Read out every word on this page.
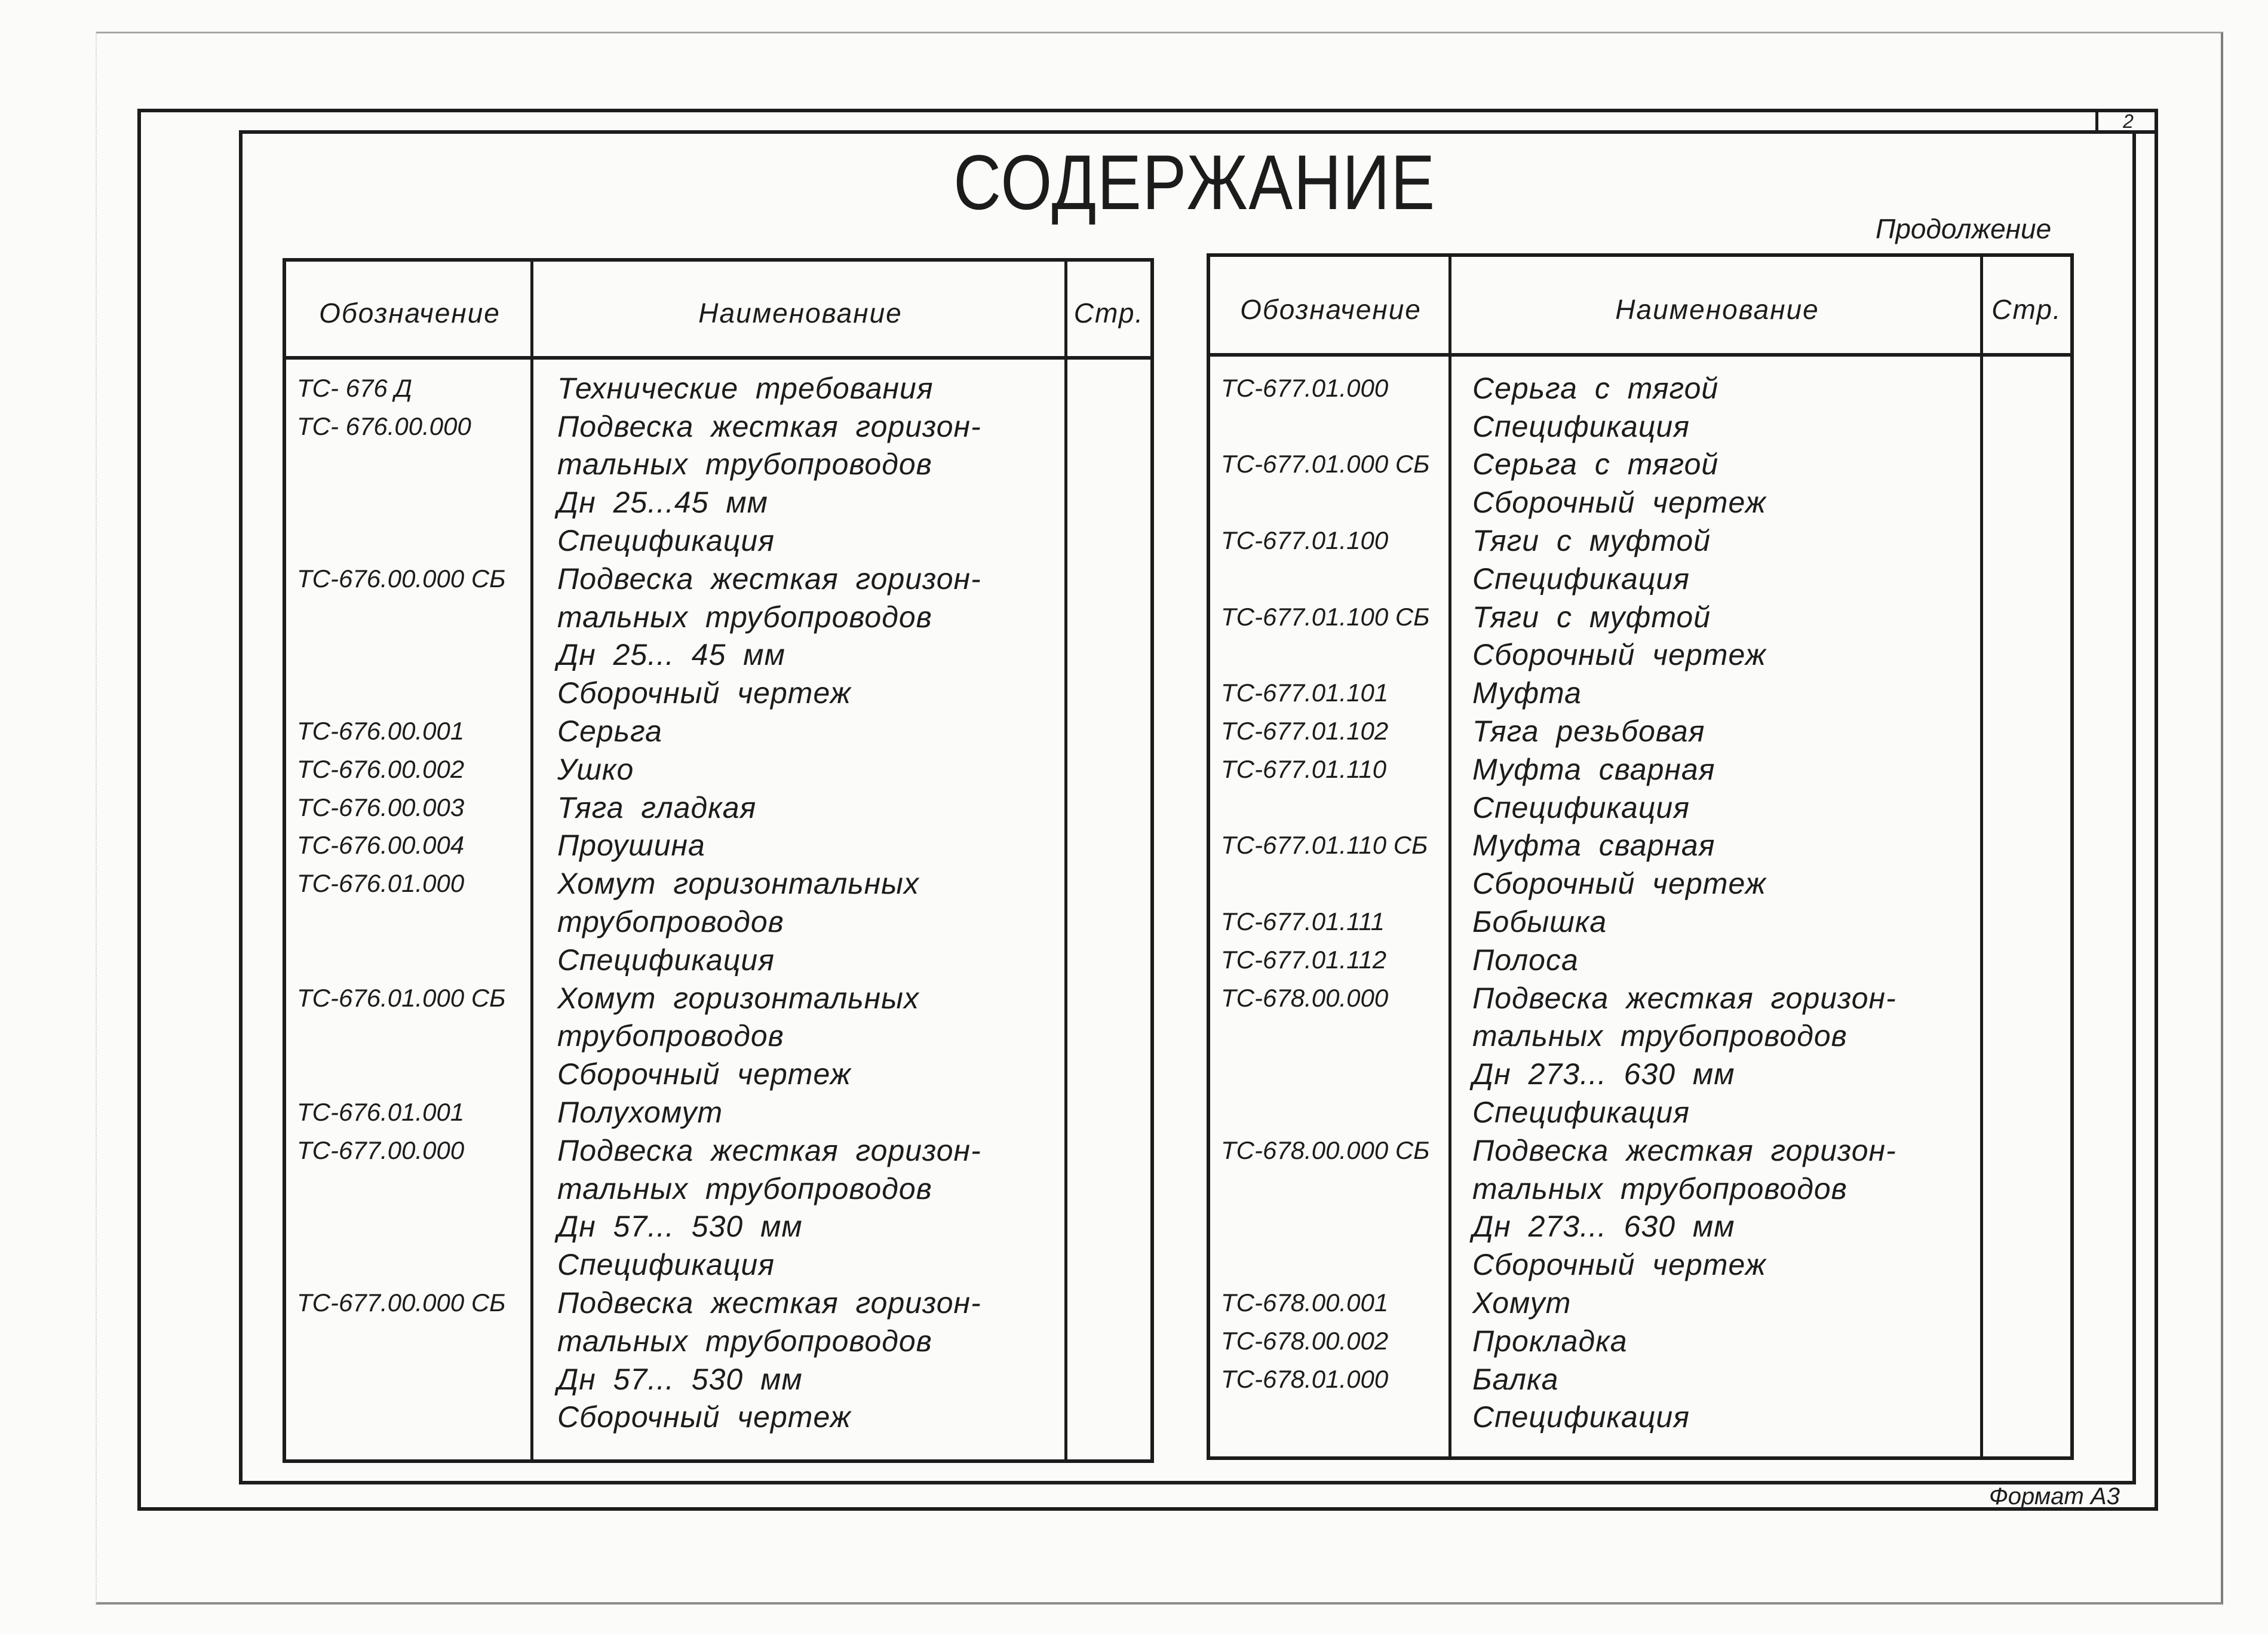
2
СОДЕРЖАНИЕ
Продолжение
Обозначение	Наименование	Стр.
ТС- 676 Д	Технические требования
ТС- 676.00.000	Подвеска жесткая горизон-
тальных трубопроводов
Дн 25...45 мм
Спецификация
ТС-676.00.000 СБ	Подвеска жесткая горизон-
тальных трубопроводов
Дн 25... 45 мм
Сборочный чертеж
ТС-676.00.001	Серьга
ТС-676.00.002	Ушко
ТС-676.00.003	Тяга гладкая
ТС-676.00.004	Проушина
ТС-676.01.000	Хомут горизонтальных
трубопроводов
Спецификация
ТС-676.01.000 СБ	Хомут горизонтальных
трубопроводов
Сборочный чертеж
ТС-676.01.001	Полухомут
ТС-677.00.000	Подвеска жесткая горизон-
тальных трубопроводов
Дн 57... 530 мм
Спецификация
ТС-677.00.000 СБ	Подвеска жесткая горизон-
тальных трубопроводов
Дн 57... 530 мм
Сборочный чертеж
Обозначение	Наименование	Стр.
ТС-677.01.000	Серьга с тягой
Спецификация
ТС-677.01.000 СБ	Серьга с тягой
Сборочный чертеж
ТС-677.01.100	Тяги с муфтой
Спецификация
ТС-677.01.100 СБ	Тяги с муфтой
Сборочный чертеж
ТС-677.01.101	Муфта
ТС-677.01.102	Тяга резьбовая
ТС-677.01.110	Муфта сварная
Спецификация
ТС-677.01.110 СБ	Муфта сварная
Сборочный чертеж
ТС-677.01.111	Бобышка
ТС-677.01.112	Полоса
ТС-678.00.000	Подвеска жесткая горизон-
тальных трубопроводов
Дн 273... 630 мм
Спецификация
ТС-678.00.000 СБ	Подвеска жесткая горизон-
тальных трубопроводов
Дн 273... 630 мм
Сборочный чертеж
ТС-678.00.001	Хомут
ТС-678.00.002	Прокладка
ТС-678.01.000	Балка
Спецификация
Формат А3
